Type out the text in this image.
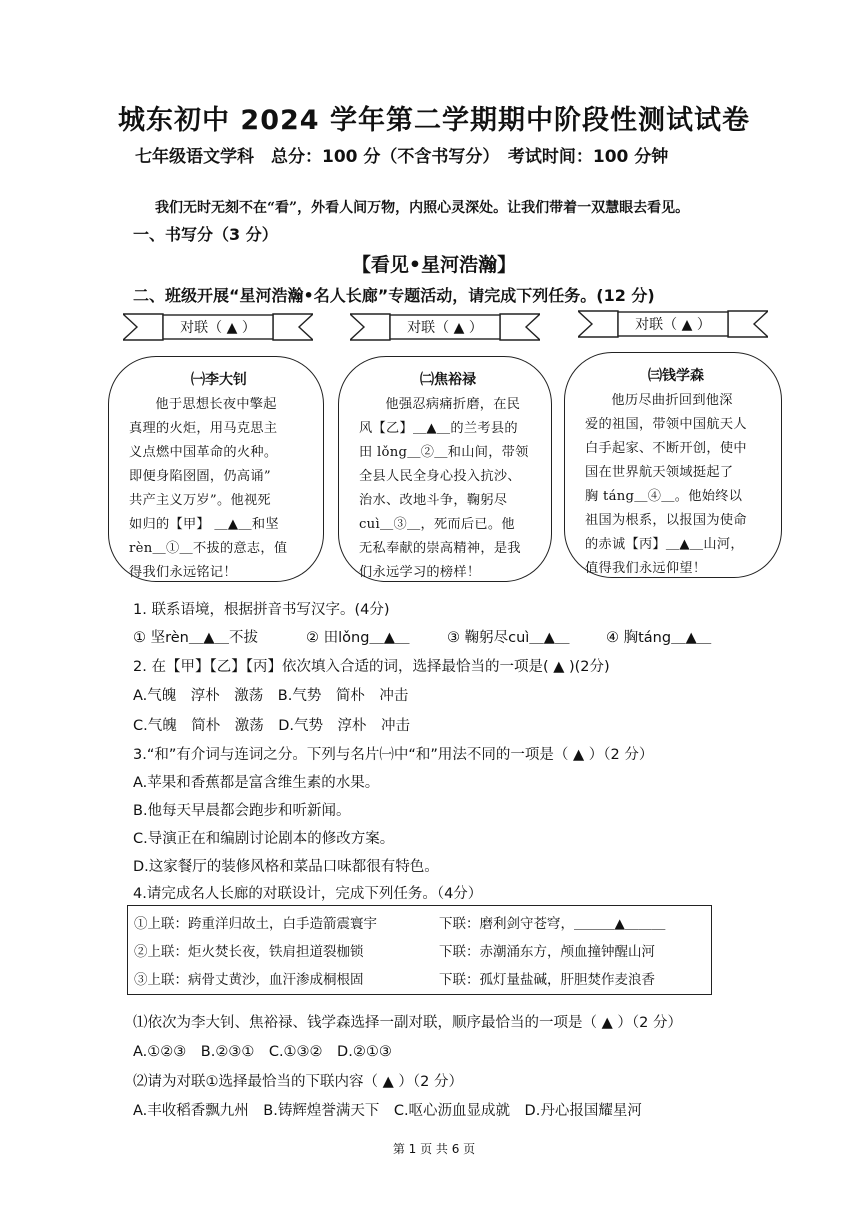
城东初中 2024 学年第二学期期中阶段性测试试卷
七年级语文学科　总分：100 分（不含书写分）　考试时间：100 分钟
我们无时无刻不在“看”，外看人间万物，内照心灵深处。让我们带着一双慧眼去看见。
一、书写分（3 分）
【看见•星河浩瀚】
二、班级开展“星河浩瀚•名人长廊”专题活动，请完成下列任务。(12 分)
对联（ ▲ ）	对联（ ▲ ）	对联（ ▲ ）
㈠李大钊

他于思想长夜中擎起

真理的火炬，用马克思主

义点燃中国革命的火种。

即便身陷囹圄，仍高诵”

共产主义万岁”。他视死

如归的【甲】 ＿▲＿和坚

rèn＿①＿不拔的意志，值

得我们永远铭记！

㈡焦裕禄

他强忍病痛折磨，在民

风【乙】＿▲＿的兰考县的

田 lǒng＿②＿和山间，带领

全县人民全身心投入抗沙、

治水、改地斗争，鞠躬尽

cuì＿③＿，死而后已。他

无私奉献的崇高精神，是我

们永远学习的榜样！

㈢钱学森

他历尽曲折回到他深

爱的祖国，带领中国航天人

白手起家、不断开创，使中

国在世界航天领域挺起了

胸 táng＿④＿。他始终以

祖国为根系，以报国为使命

的赤诚【丙】＿▲＿山河，

值得我们永远仰望！

1. 联系语境，根据拼音书写汉字。(4分)
① 坚rèn＿▲＿不拔	② 田lǒng＿▲＿	③ 鞠躬尽cuì＿▲＿	④ 胸táng＿▲＿
2. 在【甲】【乙】【丙】依次填入合适的词，选择最恰当的一项是( ▲ )(2分)
A.气魄　淳朴　激荡　B.气势　简朴　冲击
C.气魄　简朴　激荡　D.气势　淳朴　冲击
3.“和”有介词与连词之分。下列与名片㈠中“和”用法不同的一项是（ ▲ ）（2 分）
A.苹果和香蕉都是富含维生素的水果。
B.他每天早晨都会跑步和听新闻。
C.导演正在和编剧讨论剧本的修改方案。
D.这家餐厅的装修风格和菜品口味都很有特色。
4.请完成名人长廊的对联设计，完成下列任务。（4分）
①上联：跨重洋归故土，白手造箭震寰宇	下联：磨利剑守苍穹，＿＿＿▲＿＿＿
②上联：炬火焚长夜，铁肩担道裂枷锁	下联：赤潮涌东方，颅血撞钟醒山河
③上联：病骨丈黄沙，血汗渗成桐根固	下联：孤灯量盐碱，肝胆焚作麦浪香
⑴依次为李大钊、焦裕禄、钱学森选择一副对联，顺序最恰当的一项是（ ▲ ）（2 分）
A.①②③　B.②③①　C.①③②　D.②①③
⑵请为对联①选择最恰当的下联内容（ ▲ ）（2 分）
A.丰收稻香飘九州　B.铸辉煌誉满天下　C.呕心沥血显成就　D.丹心报国耀星河
第 1 页 共 6 页
